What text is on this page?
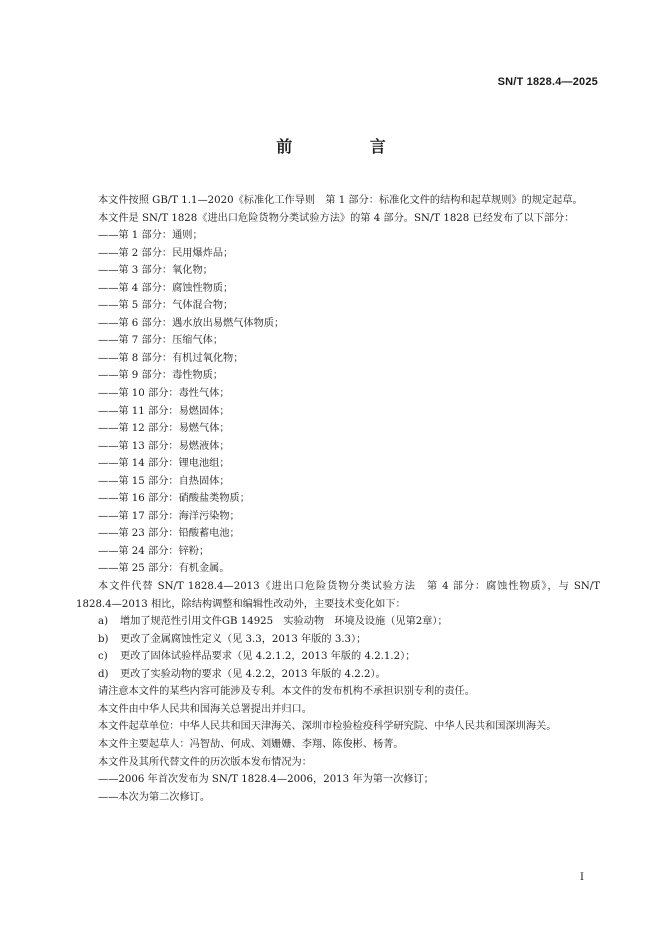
SN/T 1828.4—2025
前 言

本文件按照 GB/T 1.1—2020《标准化工作导则　第 1 部分：标准化文件的结构和起草规则》的规定起草。

本文件是 SN/T 1828《进出口危险货物分类试验方法》的第 4 部分。SN/T 1828 已经发布了以下部分：

——第 1 部分：通则；

——第 2 部分：民用爆炸品；

——第 3 部分：氧化物；

——第 4 部分：腐蚀性物质；

——第 5 部分：气体混合物；

——第 6 部分：遇水放出易燃气体物质；

——第 7 部分：压缩气体；

——第 8 部分：有机过氧化物；

——第 9 部分：毒性物质；

——第 10 部分：毒性气体；

——第 11 部分：易燃固体；

——第 12 部分：易燃气体；

——第 13 部分：易燃液体；

——第 14 部分：锂电池组；

——第 15 部分：自热固体；

——第 16 部分：硝酸盐类物质；

——第 17 部分：海洋污染物；

——第 23 部分：铅酸蓄电池；

——第 24 部分：锌粉；

——第 25 部分：有机金属。

本文件代替 SN/T 1828.4—2013《进出口危险货物分类试验方法　第 4 部分：腐蚀性物质》，与 SN/T 1828.4—2013 相比，除结构调整和编辑性改动外，主要技术变化如下：

a) 增加了规范性引用文件GB 14925　实验动物　环境及设施（见第2章）；

b) 更改了金属腐蚀性定义（见 3.3，2013 年版的 3.3）；

c) 更改了固体试验样品要求（见 4.2.1.2，2013 年版的 4.2.1.2）；

d) 更改了实验动物的要求（见 4.2.2，2013 年版的 4.2.2）。

请注意本文件的某些内容可能涉及专利。本文件的发布机构不承担识别专利的责任。

本文件由中华人民共和国海关总署提出并归口。

本文件起草单位：中华人民共和国天津海关、深圳市检验检疫科学研究院、中华人民共和国深圳海关。

本文件主要起草人：冯智劼、何成、刘姗姗、李翔、陈俊彬、杨菁。

本文件及其所代替文件的历次版本发布情况为：

——2006 年首次发布为 SN/T 1828.4—2006，2013 年为第一次修订；

——本次为第二次修订。

I
